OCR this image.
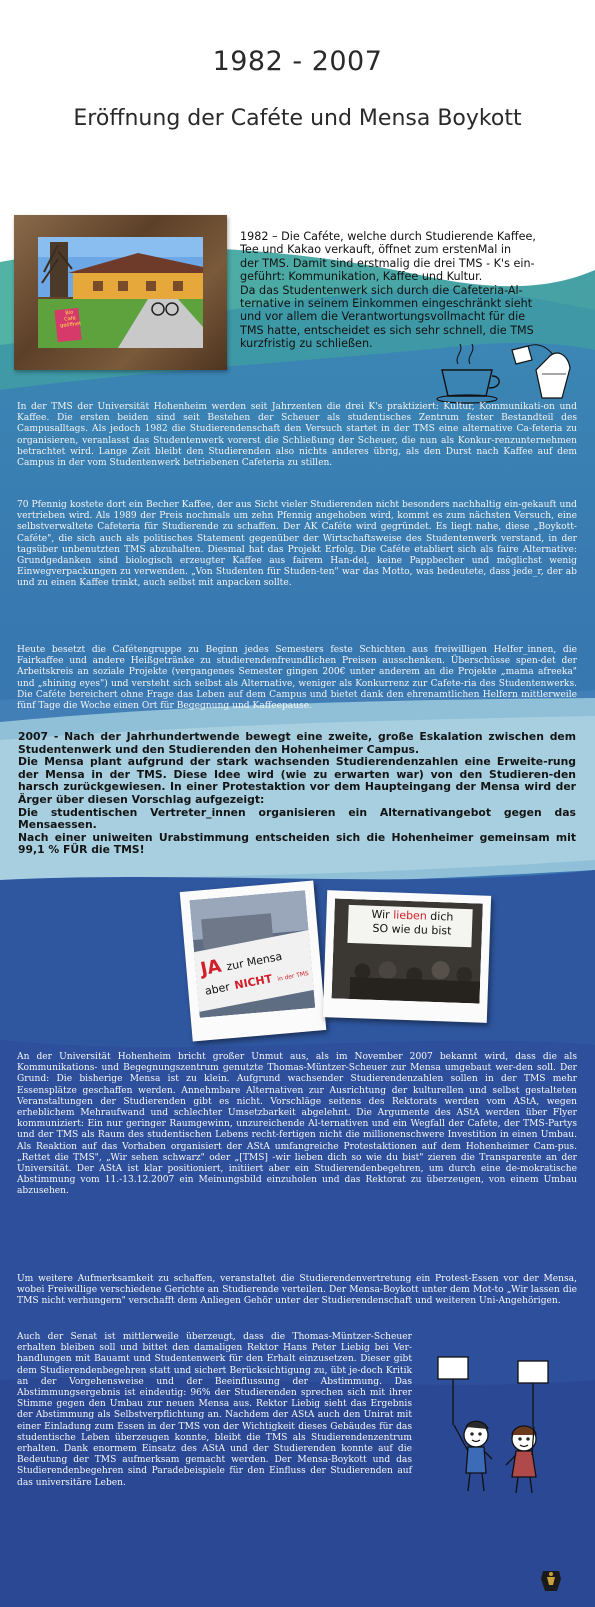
1982 - 2007
Eröffnung der Caféte und Mensa Boykott
Bio
Café
geöffnet

1982 – Die Caféte, welche durch Studierende Kaffee,

Tee und Kakao verkauft, öffnet zum erstenMal in

der TMS. Damit sind erstmalig die drei TMS - K's ein-

geführt: Kommunikation, Kaffee und Kultur.

Da das Studentenwerk sich durch die Cafeteria-Al-

ternative in seinem Einkommen eingeschränkt sieht

und vor allem die Verantwortungsvollmacht für die

TMS hatte, entscheidet es sich sehr schnell, die TMS

kurzfristig zu schließen.

In der TMS der Universität Hohenheim werden seit Jahrzenten die drei K's praktiziert: Kultur, Kommunikati-on und Kaffee. Die ersten beiden sind seit Bestehen der Scheuer als studentisches Zentrum fester Bestandteil des Campusalltags. Als jedoch 1982 die Studierendenschaft den Versuch startet in der TMS eine alternative Ca-feteria zu organisieren, veranlasst das Studentenwerk vorerst die Schließung der Scheuer, die nun als Konkur-renzunternehmen betrachtet wird. Lange Zeit bleibt den Studierenden also nichts anderes übrig, als den Durst nach Kaffee auf dem Campus in der vom Studentenwerk betriebenen Cafeteria zu stillen.

70 Pfennig kostete dort ein Becher Kaffee, der aus Sicht vieler Studierenden nicht besonders nachhaltig ein-gekauft und vertrieben wird. Als 1989 der Preis nochmals um zehn Pfennig angehoben wird, kommt es zum nächsten Versuch, eine selbstverwaltete Cafeteria für Studierende zu schaffen. Der AK Caféte wird gegründet. Es liegt nahe, diese „Boykott-Caféte", die sich auch als politisches Statement gegenüber der Wirtschaftsweise des Studentenwerk verstand, in der tagsüber unbenutzten TMS abzuhalten. Diesmal hat das Projekt Erfolg. Die Caféte etabliert sich als faire Alternative: Grundgedanken sind biologisch erzeugter Kaffee aus fairem Han-del, keine Pappbecher und möglichst wenig Einwegverpackungen zu verwenden. „Von Studenten für Studen-ten" war das Motto, was bedeutete, dass jede_r, der ab und zu einen Kaffee trinkt, auch selbst mit anpacken sollte.

Heute besetzt die Cafétengruppe zu Beginn jedes Semesters feste Schichten aus freiwilligen Helfer_innen, die Fairkaffee und andere Heißgetränke zu studierendenfreundlichen Preisen ausschenken. Überschüsse spen-det der Arbeitskreis an soziale Projekte (vergangenes Semester gingen 200€ unter anderem an die Projekte „mama afreeka" und „shining eyes") und versteht sich selbst als Alternative, weniger als Konkurrenz zur Cafete-ria des Studentenwerks. Die Caféte bereichert ohne Frage das Leben auf dem Campus und bietet dank den ehrenamtlichen Helfern mittlerweile fünf Tage die Woche einen Ort für Begegnung und Kaffeepause.

2007 - Nach der Jahrhundertwende bewegt eine zweite, große Eskalation zwischen dem Studentenwerk und den Studierenden den Hohenheimer Campus.

Die Mensa plant aufgrund der stark wachsenden Studierendenzahlen eine Erweite-rung der Mensa in der TMS. Diese Idee wird (wie zu erwarten war) von den Studieren-den harsch zurückgewiesen. In einer Protestaktion vor dem Haupteingang der Mensa wird der Ärger über diesen Vorschlag aufgezeigt:

Die studentischen Vertreter_innen organisieren ein Alternativangebot gegen das Mensaessen.

Nach einer uniweiten Urabstimmung entscheiden sich die Hohenheimer gemeinsam mit 99,1 % FÜR die TMS!

JA zur Mensa
aber NICHT in der TMS
Wir lieben dich
SO wie du bist

An der Universität Hohenheim bricht großer Unmut aus, als im November 2007 bekannt wird, dass die als Kommunikations- und Begegnungszentrum genutzte Thomas-Müntzer-Scheuer zur Mensa umgebaut wer-den soll. Der Grund: Die bisherige Mensa ist zu klein. Aufgrund wachsender Studierendenzahlen sollen in der TMS mehr Essensplätze geschaffen werden. Annehmbare Alternativen zur Ausrichtung der kulturellen und selbst gestalteten Veranstaltungen der Studierenden gibt es nicht. Vorschläge seitens des Rektorats werden vom AStA, wegen erheblichem Mehraufwand und schlechter Umsetzbarkeit abgelehnt. Die Argumente des AStA werden über Flyer kommuniziert: Ein nur geringer Raumgewinn, unzureichende Al-ternativen und ein Wegfall der Cafete, der TMS-Partys und der TMS als Raum des studentischen Lebens recht-fertigen nicht die millionenschwere Investition in einen Umbau. Als Reaktion auf das Vorhaben organisiert der AStA umfangreiche Protestaktionen auf dem Hohenheimer Cam-pus. „Rettet die TMS", „Wir sehen schwarz" oder „[TMS] -wir lieben dich so wie du bist" zieren die Transparente an der Universität. Der AStA ist klar positioniert, initiiert aber ein Studierendenbegehren, um durch eine de-mokratische Abstimmung vom 11.-13.12.2007 ein Meinungsbild einzuholen und das Rektorat zu überzeugen, von einem Umbau abzusehen.

Um weitere Aufmerksamkeit zu schaffen, veranstaltet die Studierendenvertretung ein Protest-Essen vor der Mensa, wobei Freiwillige verschiedene Gerichte an Studierende verteilen. Der Mensa-Boykott unter dem Mot-to „Wir lassen die TMS nicht verhungern" verschafft dem Anliegen Gehör unter der Studierendenschaft und weiteren Uni-Angehörigen.

Auch der Senat ist mittlerweile überzeugt, dass die Thomas-Müntzer-Scheuer erhalten bleiben soll und bittet den damaligen Rektor Hans Peter Liebig bei Ver-handlungen mit Bauamt und Studentenwerk für den Erhalt einzusetzen. Dieser gibt dem Studierendenbegehren statt und sichert Berücksichtigung zu, übt je-doch Kritik an der Vorgehensweise und der Beeinflussung der Abstimmung. Das Abstimmungsergebnis ist eindeutig: 96% der Studierenden sprechen sich mit ihrer Stimme gegen den Umbau zur neuen Mensa aus. Rektor Liebig sieht das Ergebnis der Abstimmung als Selbstverpflichtung an. Nachdem der AStA auch den Unirat mit einer Einladung zum Essen in der TMS von der Wichtigkeit dieses Gebäudes für das studentische Leben überzeugen konnte, bleibt die TMS als Studierendenzentrum erhalten. Dank enormem Einsatz des AStA und der Studierenden konnte auf die Bedeutung der TMS aufmerksam gemacht werden. Der Mensa-Boykott und das Studierendenbegehren sind Paradebeispiele für den Einfluss der Studierenden auf das universitäre Leben.
